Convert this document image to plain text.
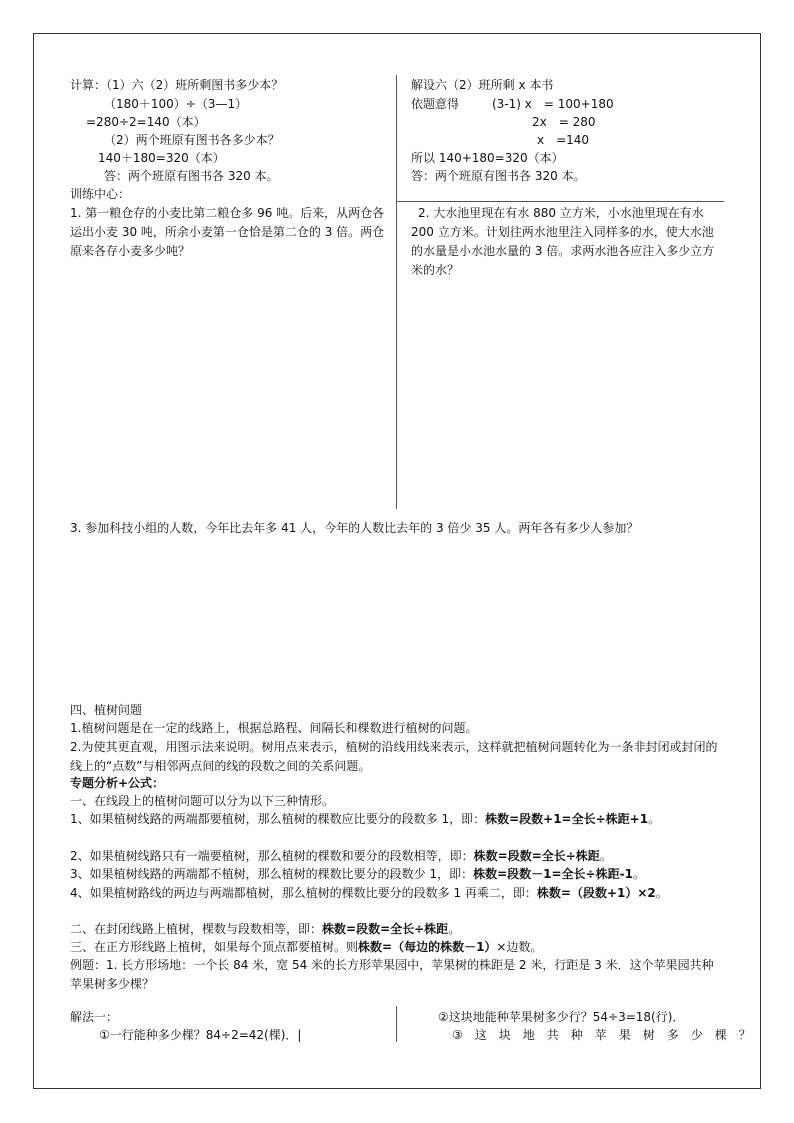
计算：（1）六（2）班所剩图书多少本？
（180＋100）÷（3—1）
=280÷2=140（本）
（2）两个班原有图书各多少本？
140＋180=320（本）
答：两个班原有图书各 320 本。
解设六（2）班所剩 x 本书
依题意得	(3-1) x　= 100+180
2x　= 280
x　=140
所以 140+180=320（本）
答：两个班原有图书各 320 本。
训练中心：
1. 第一粮仓存的小麦比第二粮仓多 96 吨。后来，从两仓各运出小麦 30 吨，所余小麦第一仓恰是第二仓的 3 倍。两仓原来各存小麦多少吨？
2. 大水池里现在有水 880 立方米，小水池里现在有水 200 立方米。计划往两水池里注入同样多的水，使大水池的水量是小水池水量的 3 倍。求两水池各应注入多少立方米的水？
3. 参加科技小组的人数，今年比去年多 41 人，今年的人数比去年的 3 倍少 35 人。两年各有多少人参加？
四、植树问题
1.植树问题是在一定的线路上，根据总路程、间隔长和棵数进行植树的问题。
2.为使其更直观，用图示法来说明。树用点来表示，植树的沿线用线来表示，这样就把植树问题转化为一条非封闭或封闭的线上的“点数”与相邻两点间的线的段数之间的关系问题。
专题分析+公式：
一、在线段上的植树问题可以分为以下三种情形。
1、如果植树线路的两端都要植树，那么植树的棵数应比要分的段数多 1，即：株数=段数+1=全长÷株距+1。
2、如果植树线路只有一端要植树，那么植树的棵数和要分的段数相等，即：株数=段数=全长÷株距。
3、如果植树线路的两端都不植树，那么植树的棵数比要分的段数少 1，即：株数=段数－1=全长÷株距-1。
4、如果植树路线的两边与两端都植树，那么植树的棵数比要分的段数多 1 再乘二，即：株数=（段数+1）×2。
二、在封闭线路上植树，棵数与段数相等，即：株数=段数=全长÷株距。
三、在正方形线路上植树，如果每个顶点都要植树。则株数=（每边的株数－1）×边数。
例题：1. 长方形场地：一个长 84 米，宽 54 米的长方形苹果园中，苹果树的株距是 2 米，行距是 3 米．这个苹果园共种苹果树多少棵？
解法一：
①一行能种多少棵？84÷2=42(棵)．|
②这块地能种苹果树多少行？54÷3=18(行)．
③这块地共种苹果树多少棵？
